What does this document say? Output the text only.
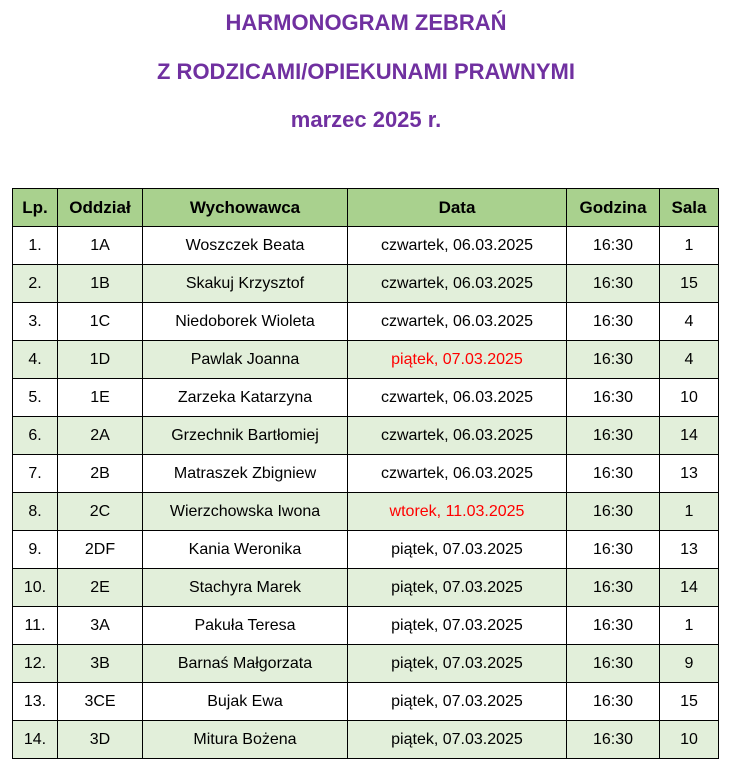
HARMONOGRAM ZEBRAŃ
Z RODZICAMI/OPIEKUNAMI PRAWNYMI
marzec 2025 r.
Lp.	Oddział	Wychowawca	Data	Godzina	Sala
1.	1A	Woszczek Beata	czwartek, 06.03.2025	16:30	1
2.	1B	Skakuj Krzysztof	czwartek, 06.03.2025	16:30	15
3.	1C	Niedoborek Wioleta	czwartek, 06.03.2025	16:30	4
4.	1D	Pawlak Joanna	piątek, 07.03.2025	16:30	4
5.	1E	Zarzeka Katarzyna	czwartek, 06.03.2025	16:30	10
6.	2A	Grzechnik Bartłomiej	czwartek, 06.03.2025	16:30	14
7.	2B	Matraszek Zbigniew	czwartek, 06.03.2025	16:30	13
8.	2C	Wierzchowska Iwona	wtorek, 11.03.2025	16:30	1
9.	2DF	Kania Weronika	piątek, 07.03.2025	16:30	13
10.	2E	Stachyra Marek	piątek, 07.03.2025	16:30	14
11.	3A	Pakuła Teresa	piątek, 07.03.2025	16:30	1
12.	3B	Barnaś Małgorzata	piątek, 07.03.2025	16:30	9
13.	3CE	Bujak Ewa	piątek, 07.03.2025	16:30	15
14.	3D	Mitura Bożena	piątek, 07.03.2025	16:30	10
